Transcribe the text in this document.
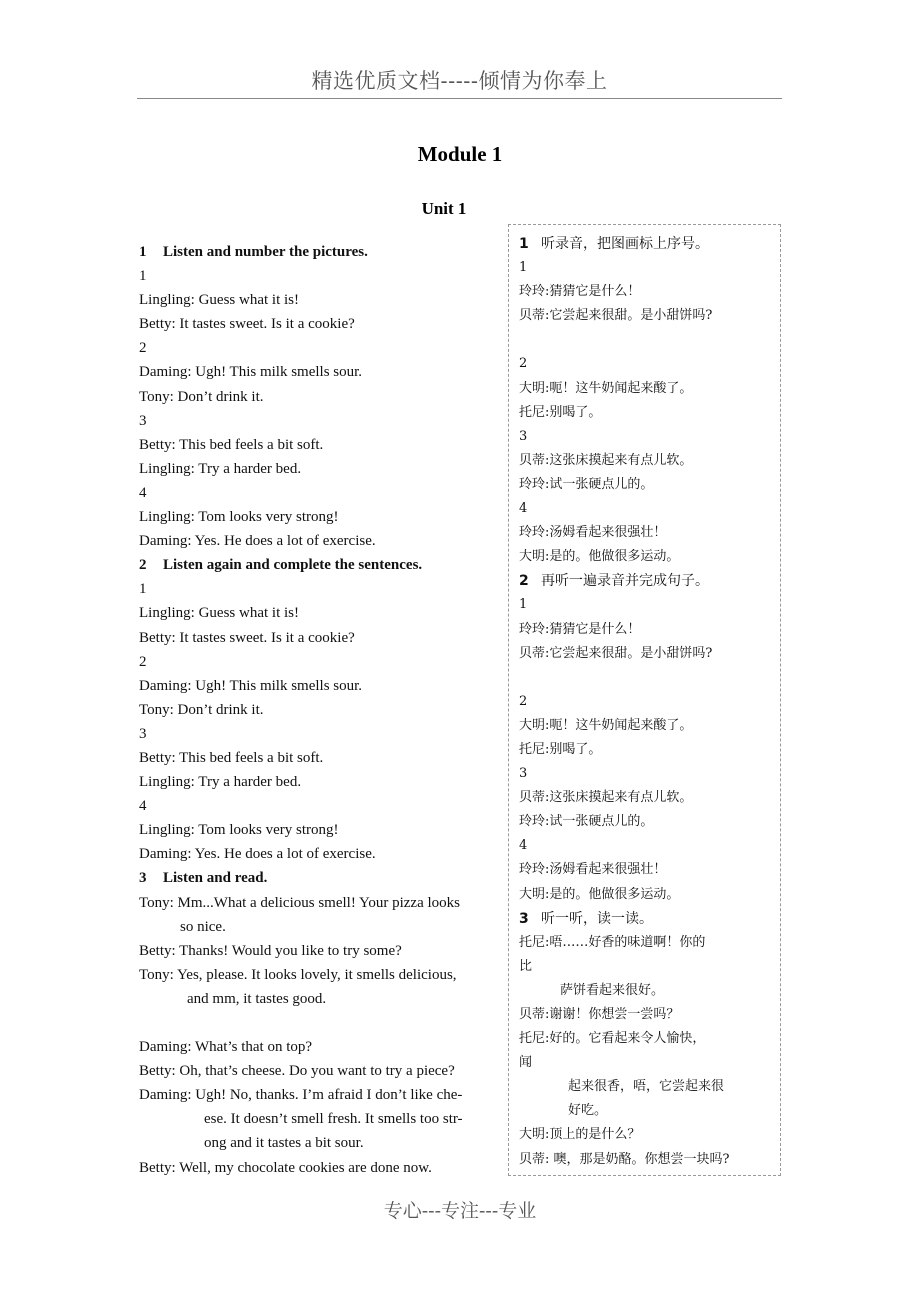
精选优质文档-----倾情为你奉上
Module 1
Unit 1
1 Listen and number the pictures.
1
Lingling: Guess what it is!
Betty: It tastes sweet. Is it a cookie?
2
Daming: Ugh! This milk smells sour.
Tony: Don’t drink it.
3
Betty: This bed feels a bit soft.
Lingling: Try a harder bed.
4
Lingling: Tom looks very strong!
Daming: Yes. He does a lot of exercise.
2 Listen again and complete the sentences.
1
Lingling: Guess what it is!
Betty: It tastes sweet. Is it a cookie?
2
Daming: Ugh! This milk smells sour.
Tony: Don’t drink it.
3
Betty: This bed feels a bit soft.
Lingling: Try a harder bed.
4
Lingling: Tom looks very strong!
Daming: Yes. He does a lot of exercise.
3 Listen and read.
Tony: Mm...What a delicious smell! Your pizza looks
so nice.
Betty: Thanks! Would you like to try some?
Tony: Yes, please. It looks lovely, it smells delicious,
and mm, it tastes good.
Daming: What’s that on top?
Betty: Oh, that’s cheese. Do you want to try a piece?
Daming: Ugh! No, thanks. I’m afraid I don’t like che-
ese. It doesn’t smell fresh. It smells too str-
ong and it tastes a bit sour.
Betty: Well, my chocolate cookies are done now.
1 听录音，把图画标上序号。
1
玲玲:猜猜它是什么！
贝蒂:它尝起来很甜。是小甜饼吗?
2
大明:呃！这牛奶闻起来酸了。
托尼:别喝了。
3
贝蒂:这张床摸起来有点儿软。
玲玲:试一张硬点儿的。
4
玲玲:汤姆看起来很强壮！
大明:是的。他做很多运动。
2 再听一遍录音并完成句子。
1
玲玲:猜猜它是什么！
贝蒂:它尝起来很甜。是小甜饼吗?
2
大明:呃！这牛奶闻起来酸了。
托尼:别喝了。
3
贝蒂:这张床摸起来有点儿软。
玲玲:试一张硬点儿的。
4
玲玲:汤姆看起来很强壮！
大明:是的。他做很多运动。
3 听一听，读一读。
托尼:唔……好香的味道啊！你的
比
萨饼看起来很好。
贝蒂:谢谢！你想尝一尝吗？
托尼:好的。它看起来令人愉快，
闻
起来很香，唔，它尝起来很
好吃。
大明:顶上的是什么？
贝蒂: 噢，那是奶酪。你想尝一块吗?
专心---专注---专业
